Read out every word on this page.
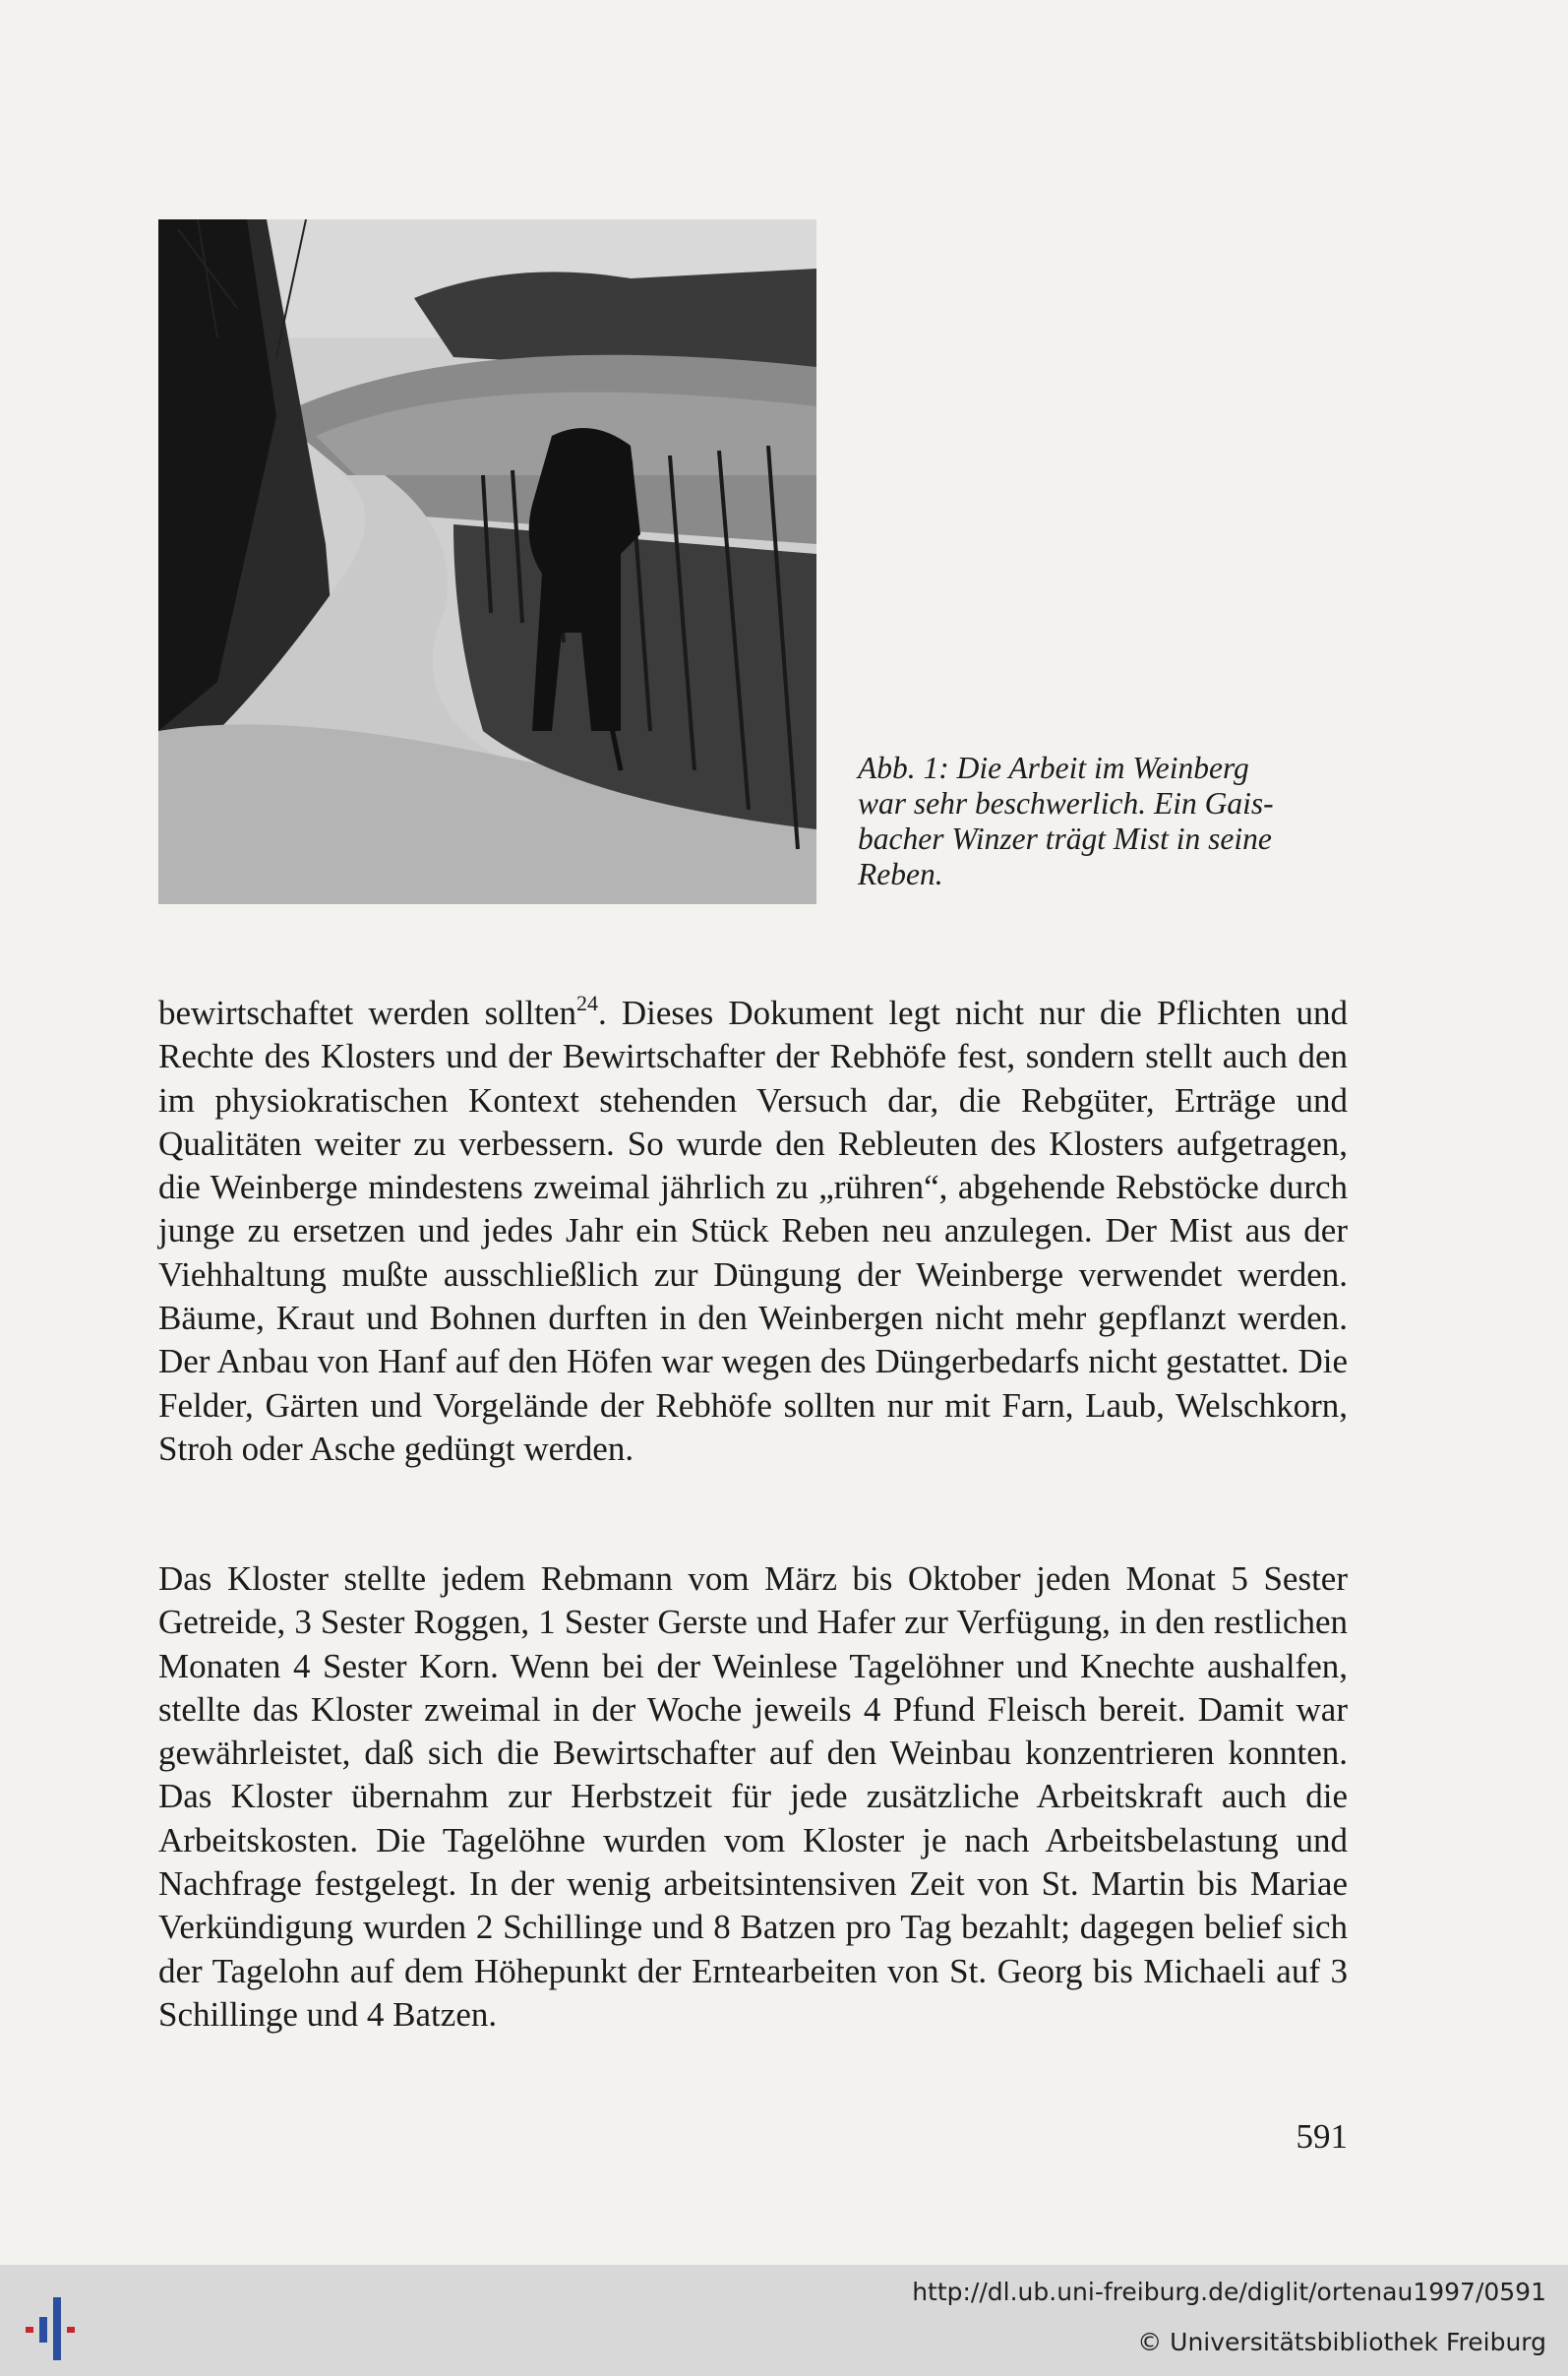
Abb. 1: Die Arbeit im Weinberg
war sehr beschwerlich. Ein Gais-
bacher Winzer trägt Mist in seine
Reben.

bewirtschaftet werden sollten$^{24}$. Dieses Dokument legt nicht nur die Pflichten und Rechte des Klosters und der Bewirtschafter der Rebhöfe fest, sondern stellt auch den im physiokratischen Kontext stehenden Versuch dar, die Rebgüter, Erträge und Qualitäten weiter zu verbessern. So wurde den Rebleuten des Klosters aufgetragen, die Weinberge mindestens zweimal jährlich zu „rühren“, abgehende Rebstöcke durch junge zu ersetzen und jedes Jahr ein Stück Reben neu anzulegen. Der Mist aus der Viehhaltung mußte ausschließlich zur Düngung der Weinberge verwendet werden. Bäume, Kraut und Bohnen durften in den Weinbergen nicht mehr gepflanzt werden. Der Anbau von Hanf auf den Höfen war wegen des Düngerbedarfs nicht gestattet. Die Felder, Gärten und Vorgelände der Rebhöfe sollten nur mit Farn, Laub, Welschkorn, Stroh oder Asche gedüngt werden.

Das Kloster stellte jedem Rebmann vom März bis Oktober jeden Monat 5 Sester Getreide, 3 Sester Roggen, 1 Sester Gerste und Hafer zur Verfügung, in den restlichen Monaten 4 Sester Korn. Wenn bei der Weinlese Tagelöhner und Knechte aushalfen, stellte das Kloster zweimal in der Woche jeweils 4 Pfund Fleisch bereit. Damit war gewährleistet, daß sich die Bewirtschafter auf den Weinbau konzentrieren konnten. Das Kloster übernahm zur Herbstzeit für jede zusätzliche Arbeitskraft auch die Arbeitskosten. Die Tagelöhne wurden vom Kloster je nach Arbeitsbelastung und Nachfrage festgelegt. In der wenig arbeitsintensiven Zeit von St. Martin bis Mariae Verkündigung wurden 2 Schillinge und 8 Batzen pro Tag bezahlt; dagegen belief sich der Tagelohn auf dem Höhepunkt der Erntearbeiten von St. Georg bis Michaeli auf 3 Schillinge und 4 Batzen.

591
http://dl.ub.uni-freiburg.de/diglit/ortenau1997/0591
© Universitätsbibliothek Freiburg
